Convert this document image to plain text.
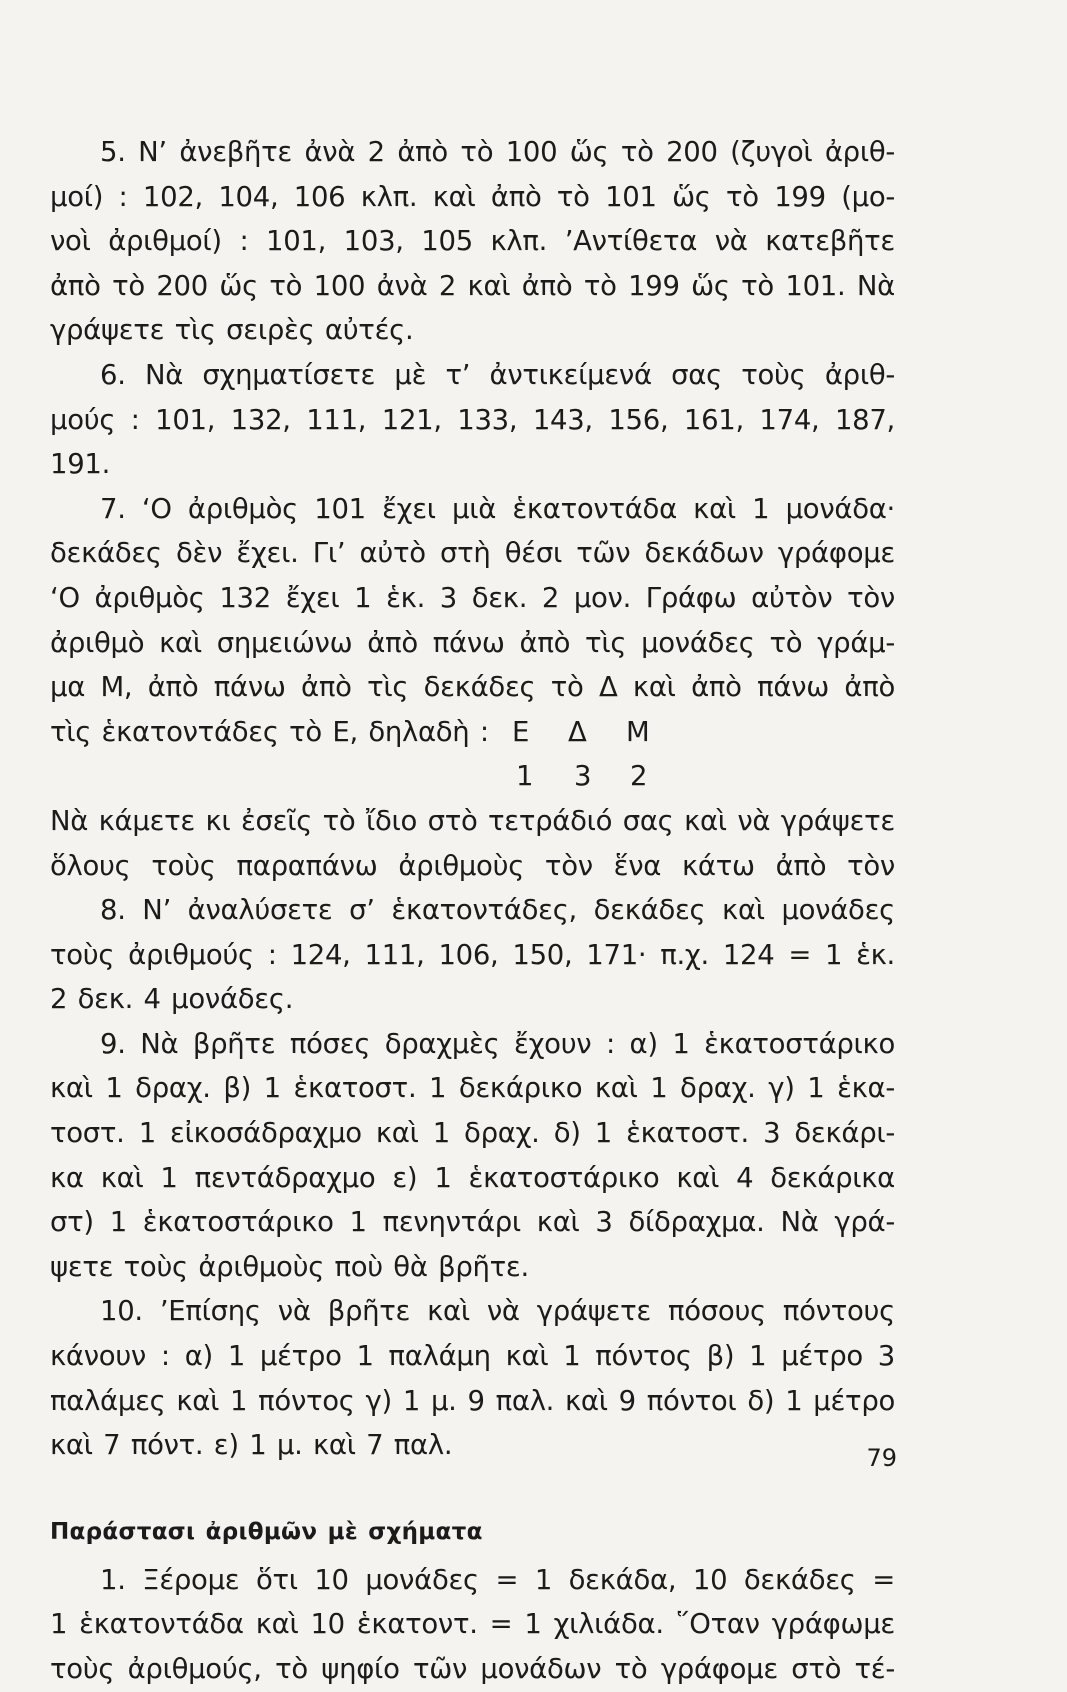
5. Ν’ ἀνεβῆτε ἀνὰ 2 ἀπὸ τὸ 100 ὥς τὸ 200 (ζυγοὶ ἀριθ-
μοί) : 102, 104, 106 κλπ. καὶ ἀπὸ τὸ 101 ὥς τὸ 199 (μο-
νοὶ ἀριθμοί) : 101, 103, 105 κλπ. ’Αντίθετα νὰ κατεβῆτε
ἀπὸ τὸ 200 ὥς τὸ 100 ἀνὰ 2 καὶ ἀπὸ τὸ 199 ὥς τὸ 101. Νὰ
γράψετε τὶς σειρὲς αὐτές.
6. Νὰ σχηματίσετε μὲ τ’ ἀντικείμενά σας τοὺς ἀριθ-
μούς : 101, 132, 111, 121, 133, 143, 156, 161, 174, 187,
191.
7. ‘Ο ἀριθμὸς 101 ἔχει μιὰ ἑκατοντάδα καὶ 1 μονάδα·
δεκάδες δὲν ἔχει. Γι’ αὐτὸ στὴ θέσι τῶν δεκάδων γράφομε
‘Ο ἀριθμὸς 132 ἔχει 1 ἑκ. 3 δεκ. 2 μον. Γράφω αὐτὸν τὸν
ἀριθμὸ καὶ σημειώνω ἀπὸ πάνω ἀπὸ τὶς μονάδες τὸ γράμ-
μα Μ, ἀπὸ πάνω ἀπὸ τὶς δεκάδες τὸ Δ καὶ ἀπὸ πάνω ἀπὸ
τὶς ἑκατοντάδες τὸ Ε, δηλαδὴ : Ε Δ Μ
1 3 2
Νὰ κάμετε κι ἐσεῖς τὸ ἴδιο στὸ τετράδιό σας καὶ νὰ γράψετε
ὅλους τοὺς παραπάνω ἀριθμοὺς τὸν ἕνα κάτω ἀπὸ τὸν
8. Ν’ ἀναλύσετε σ’ ἑκατοντάδες, δεκάδες καὶ μονάδες
τοὺς ἀριθμούς : 124, 111, 106, 150, 171· π.χ. 124 = 1 ἑκ.
2 δεκ. 4 μονάδες.
9. Νὰ βρῆτε πόσες δραχμὲς ἔχουν : α) 1 ἑκατοστάρικο
καὶ 1 δραχ. β) 1 ἑκατοστ. 1 δεκάρικο καὶ 1 δραχ. γ) 1 ἑκα-
τοστ. 1 εἰκοσάδραχμο καὶ 1 δραχ. δ) 1 ἑκατοστ. 3 δεκάρι-
κα καὶ 1 πεντάδραχμο ε) 1 ἑκατοστάρικο καὶ 4 δεκάρικα
στ) 1 ἑκατοστάρικο 1 πενηντάρι καὶ 3 δίδραχμα. Νὰ γρά-
ψετε τοὺς ἀριθμοὺς ποὺ θὰ βρῆτε.
10. ’Επίσης νὰ βρῆτε καὶ νὰ γράψετε πόσους πόντους
κάνουν : α) 1 μέτρο 1 παλάμη καὶ 1 πόντος β) 1 μέτρο 3
παλάμες καὶ 1 πόντος γ) 1 μ. 9 παλ. καὶ 9 πόντοι δ) 1 μέτρο
καὶ 7 πόντ. ε) 1 μ. καὶ 7 παλ.
Παράστασι ἀριθμῶν μὲ σχήματα
1. Ξέρομε ὅτι 10 μονάδες = 1 δεκάδα, 10 δεκάδες =
1 ἑκατοντάδα καὶ 10 ἑκατοντ. = 1 χιλιάδα. ῞Οταν γράφωμε
τοὺς ἀριθμούς, τὸ ψηφίο τῶν μονάδων τὸ γράφομε στὸ τέ-
79
